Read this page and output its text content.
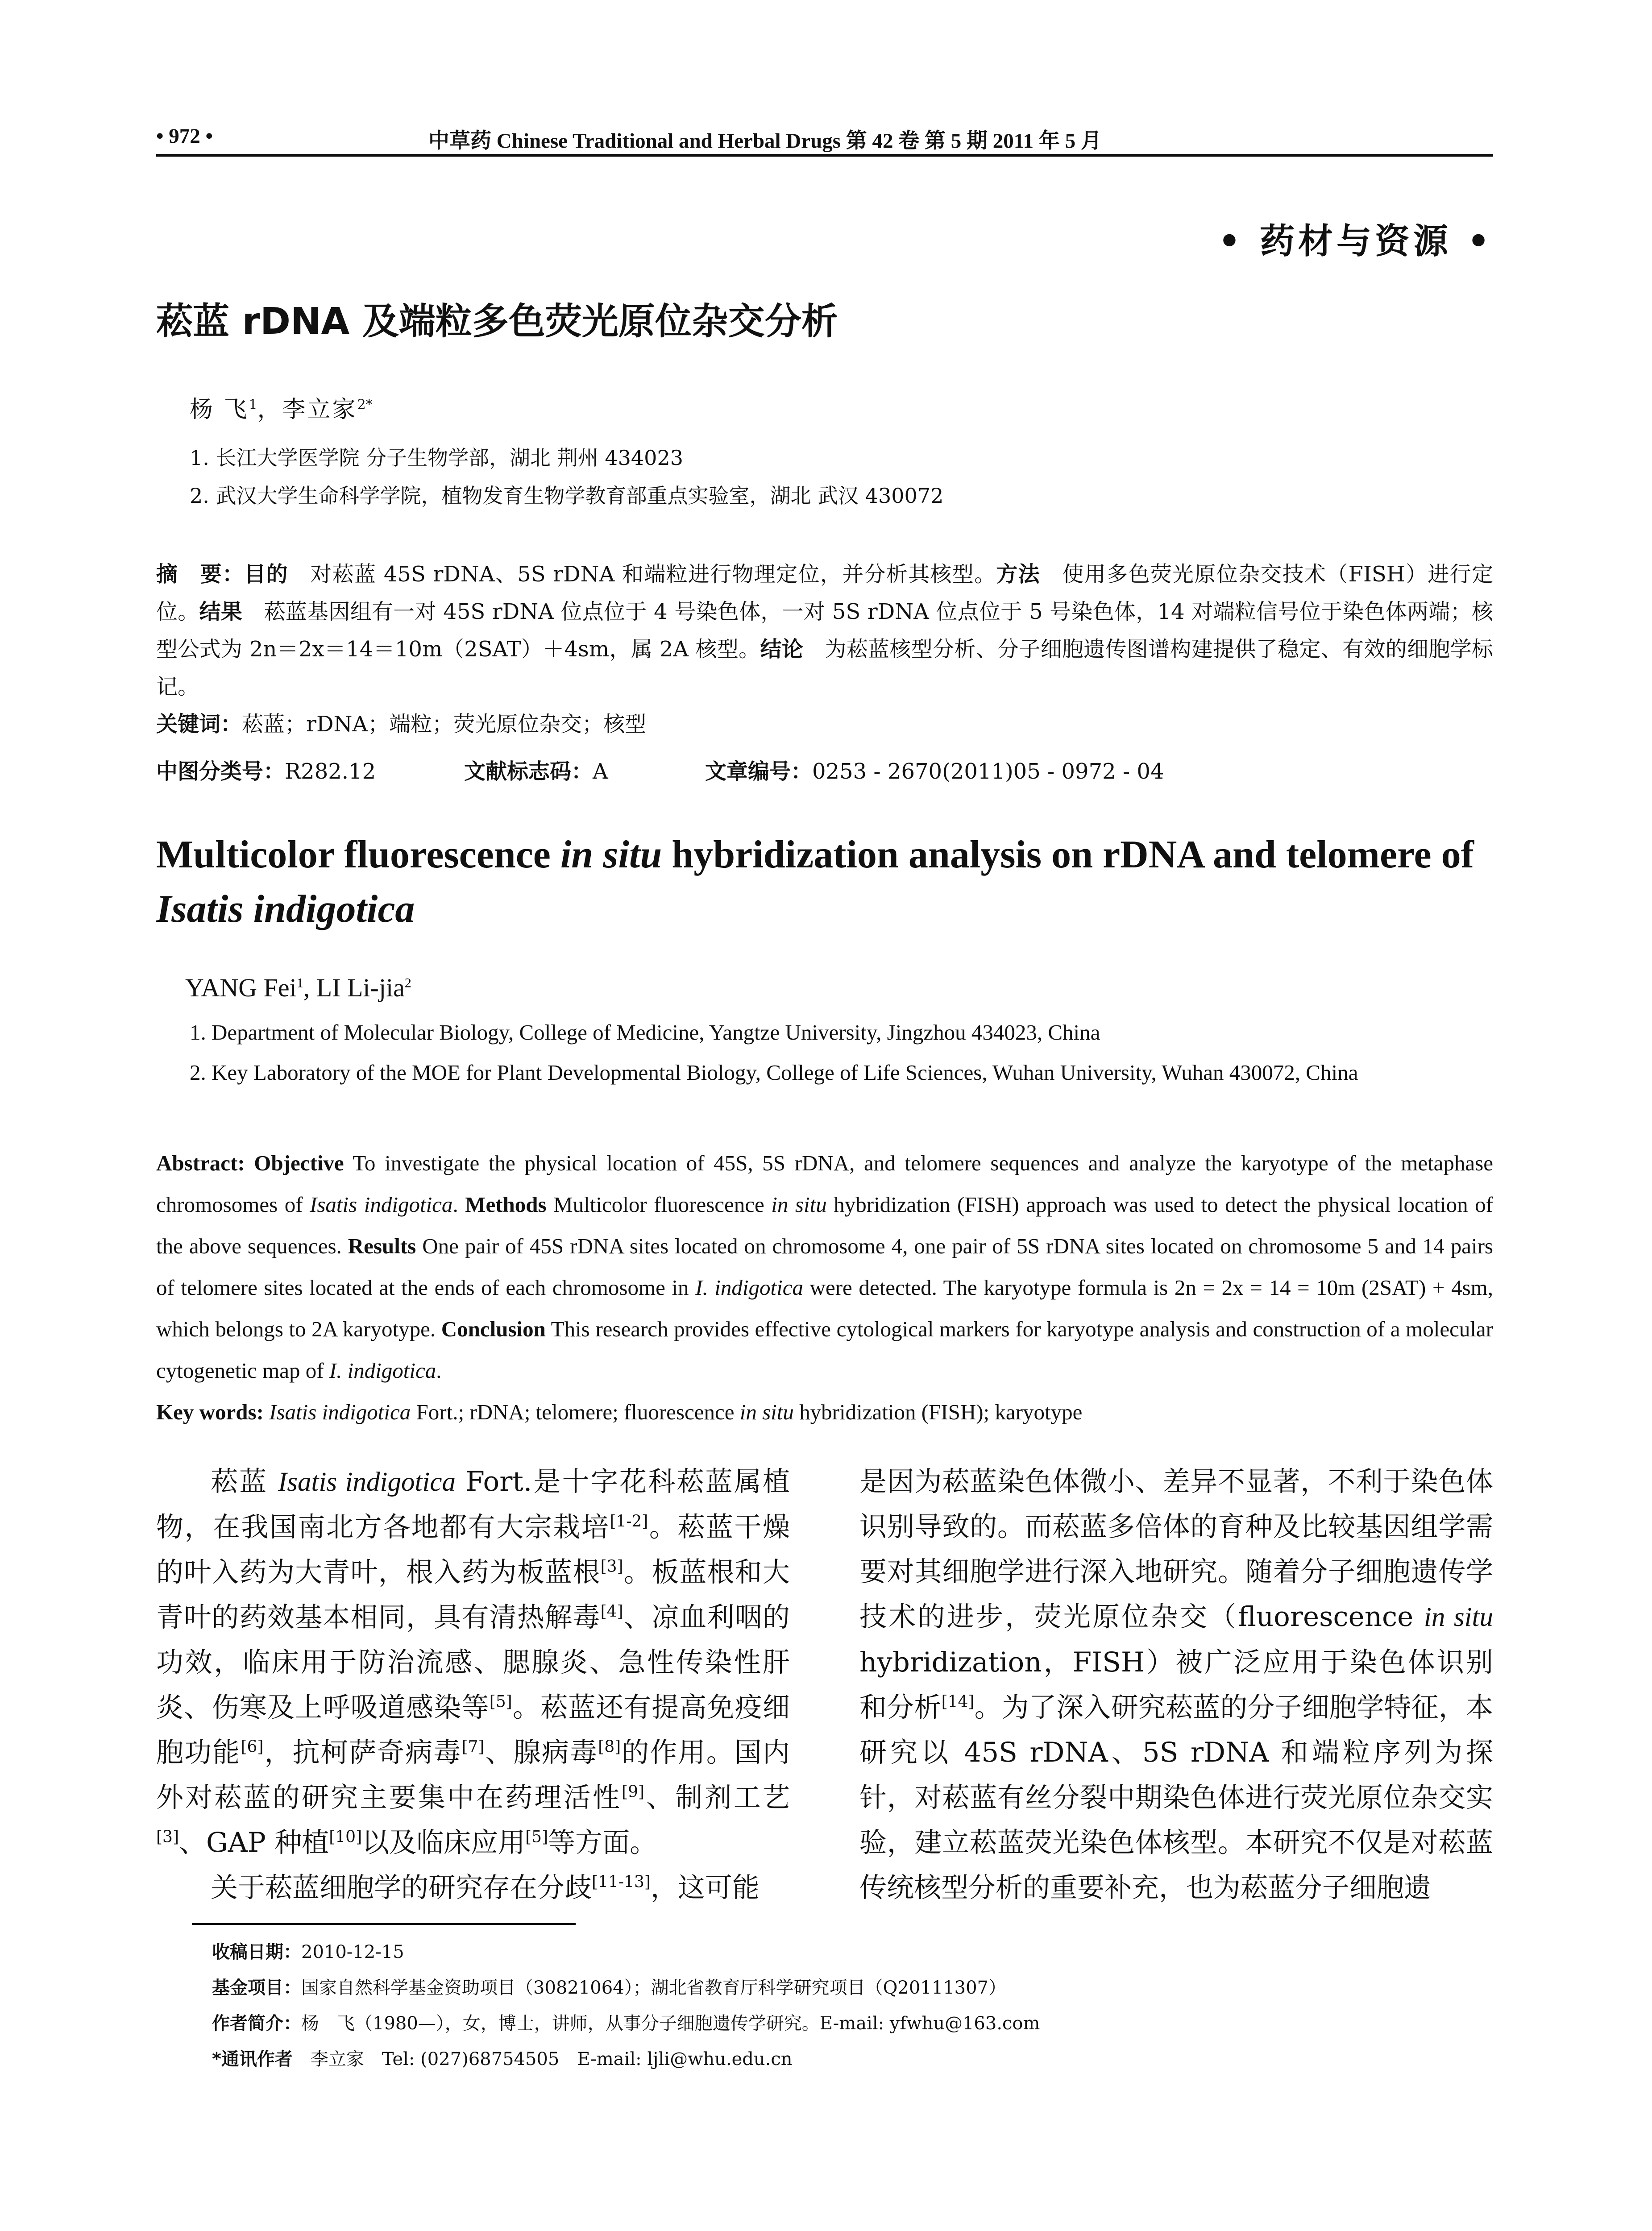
• 972 •	中草药 Chinese Traditional and Herbal Drugs 第 42 卷 第 5 期 2011 年 5 月
• 药材与资源 •
菘蓝 rDNA 及端粒多色荧光原位杂交分析
杨 飞$^1$，李立家$^{2*}$
1. 长江大学医学院 分子生物学部，湖北 荆州 434023
2. 武汉大学生命科学学院，植物发育生物学教育部重点实验室，湖北 武汉 430072
摘　要：目的　对菘蓝 45S rDNA、5S rDNA 和端粒进行物理定位，并分析其核型。方法　使用多色荧光原位杂交技术（FISH）进行定位。结果　菘蓝基因组有一对 45S rDNA 位点位于 4 号染色体，一对 5S rDNA 位点位于 5 号染色体，14 对端粒信号位于染色体两端；核型公式为 2n＝2x＝14＝10m（2SAT）＋4sm，属 2A 核型。结论　为菘蓝核型分析、分子细胞遗传图谱构建提供了稳定、有效的细胞学标记。
关键词：菘蓝；rDNA；端粒；荧光原位杂交；核型
中图分类号：R282.12	文献标志码：A	文章编号：0253 - 2670(2011)05 - 0972 - 04
Multicolor fluorescence in situ hybridization analysis on rDNA and telomere of Isatis indigotica
YANG Fei$^1$, LI Li-jia$^2$
1. Department of Molecular Biology, College of Medicine, Yangtze University, Jingzhou 434023, China
2. Key Laboratory of the MOE for Plant Developmental Biology, College of Life Sciences, Wuhan University, Wuhan 430072, China
Abstract: Objective To investigate the physical location of 45S, 5S rDNA, and telomere sequences and analyze the karyotype of the metaphase chromosomes of Isatis indigotica. Methods Multicolor fluorescence in situ hybridization (FISH) approach was used to detect the physical location of the above sequences. Results One pair of 45S rDNA sites located on chromosome 4, one pair of 5S rDNA sites located on chromosome 5 and 14 pairs of telomere sites located at the ends of each chromosome in I. indigotica were detected. The karyotype formula is 2n = 2x = 14 = 10m (2SAT) + 4sm, which belongs to 2A karyotype. Conclusion This research provides effective cytological markers for karyotype analysis and construction of a molecular cytogenetic map of I. indigotica.
Key words: Isatis indigotica Fort.; rDNA; telomere; fluorescence in situ hybridization (FISH); karyotype
菘蓝 Isatis indigotica Fort.是十字花科菘蓝属植物，在我国南北方各地都有大宗栽培[1-2]。菘蓝干燥的叶入药为大青叶，根入药为板蓝根[3]。板蓝根和大青叶的药效基本相同，具有清热解毒[4]、凉血利咽的功效，临床用于防治流感、腮腺炎、急性传染性肝炎、伤寒及上呼吸道感染等[5]。菘蓝还有提高免疫细胞功能[6]，抗柯萨奇病毒[7]、腺病毒[8]的作用。国内外对菘蓝的研究主要集中在药理活性[9]、制剂工艺[3]、GAP 种植[10]以及临床应用[5]等方面。
关于菘蓝细胞学的研究存在分歧[11-13]，这可能
是因为菘蓝染色体微小、差异不显著，不利于染色体识别导致的。而菘蓝多倍体的育种及比较基因组学需要对其细胞学进行深入地研究。随着分子细胞遗传学技术的进步，荧光原位杂交（fluorescence in situ hybridization，FISH）被广泛应用于染色体识别和分析[14]。为了深入研究菘蓝的分子细胞学特征，本研究以 45S rDNA、5S rDNA 和端粒序列为探针，对菘蓝有丝分裂中期染色体进行荧光原位杂交实验，建立菘蓝荧光染色体核型。本研究不仅是对菘蓝传统核型分析的重要补充，也为菘蓝分子细胞遗
收稿日期：2010-12-15
基金项目：国家自然科学基金资助项目（30821064）；湖北省教育厅科学研究项目（Q20111307）
作者简介：杨　飞（1980—），女，博士，讲师，从事分子细胞遗传学研究。E-mail: yfwhu@163.com
*通讯作者　李立家　Tel: (027)68754505　E-mail: ljli@whu.edu.cn
